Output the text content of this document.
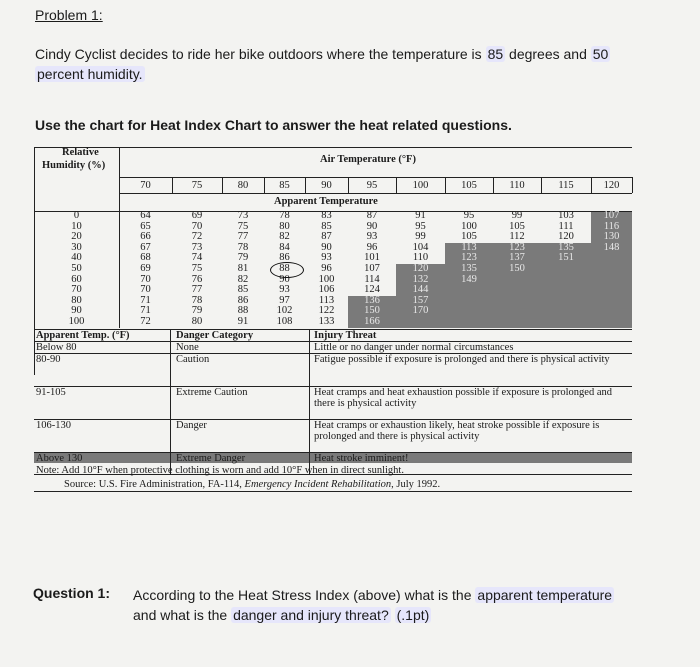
Problem 1:
Cindy Cyclist decides to ride her bike outdoors where the temperature is 85 degrees and 50
percent humidity.
Use the chart for Heat Index Chart to answer the heat related questions.
Relative
Humidity (%)
Air Temperature (°F)
Apparent Temperature
70	75	80	85	90	95	100	105	110	115	120
0	64	69	73	78	83	87	91	95	99	103	107
10	65	70	75	80	85	90	95	100	105	111	116
20	66	72	77	82	87	93	99	105	112	120	130
30	67	73	78	84	90	96	104	113	123	135	148
40	68	74	79	86	93	101	110	123	137	151
50	69	75	81	88	96	107	120	135	150
60	70	76	82	90	100	114	132	149
70	70	77	85	93	106	124	144
80	71	78	86	97	113	136	157
90	71	79	88	102	122	150	170
100	72	80	91	108	133	166
Apparent Temp. (°F)	Danger Category	Injury Threat
Below 80	None	Little or no danger under normal circumstances
80-90	Caution	Fatigue possible if exposure is prolonged and there is physical activity
91-105	Extreme Caution	Heat cramps and heat exhaustion possible if exposure is prolonged and there is physical activity
106-130	Danger	Heat cramps or exhaustion likely, heat stroke possible if exposure is prolonged and there is physical activity
Above 130	Extreme Danger	Heat stroke imminent!
Note: Add 10°F when protective clothing is worn and add 10°F when in direct sunlight.
Source: U.S. Fire Administration, FA-114, Emergency Incident Rehabilitation, July 1992.
Question 1: According to the Heat Stress Index (above) what is the apparent temperature
and what is the danger and injury threat? (.1pt)
